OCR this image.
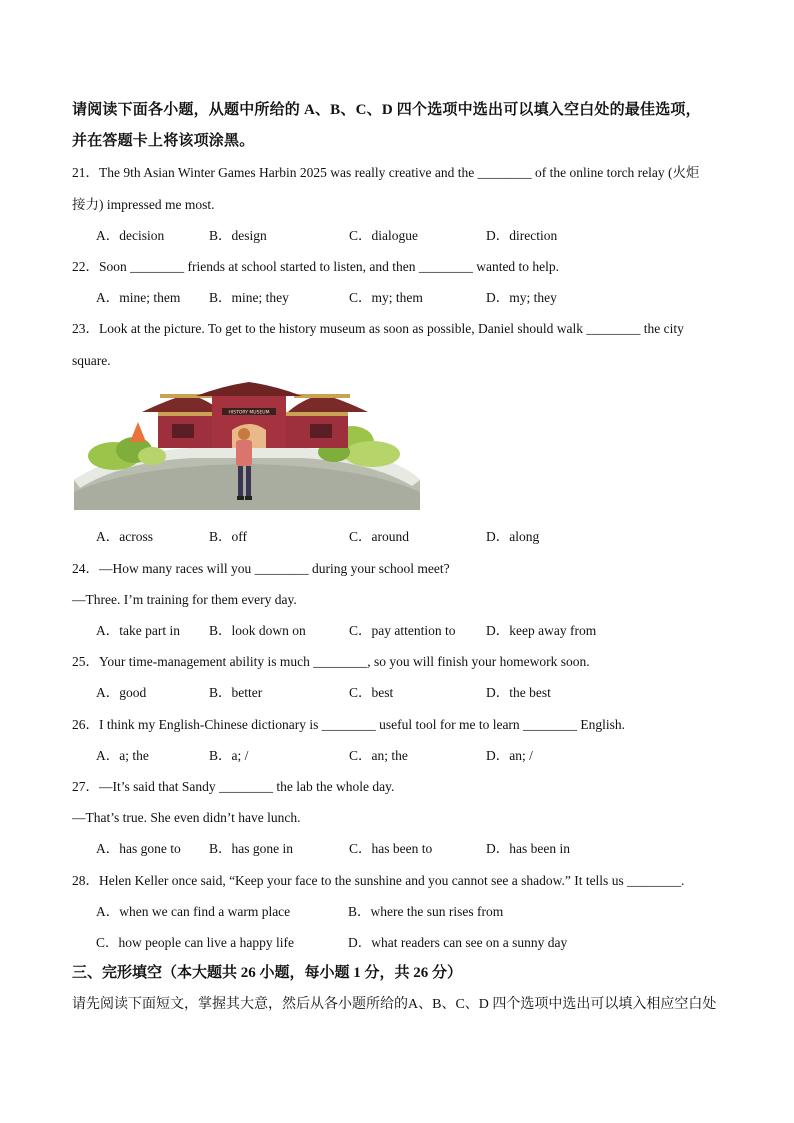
请阅读下面各小题，从题中所给的 A、B、C、D 四个选项中选出可以填入空白处的最佳选项，
并在答题卡上将该项涂黑。
21．The 9th Asian Winter Games Harbin 2025 was really creative and the ________ of the online torch relay (火炬
接力) impressed me most.
A．decision	B．design	C．dialogue	D．direction
22．Soon ________ friends at school started to listen, and then ________ wanted to help.
A．mine; them B．mine; they	C．my; them	D．my; they
23．Look at the picture. To get to the history museum as soon as possible, Daniel should walk ________ the city
square.
HISTORY MUSEUM
A．across	B．off	C．around	D．along
24．—How many races will you ________ during your school meet?
—Three. I’m training for them every day.
A．take part in B．look down on	C．pay attention to D．keep away from
25．Your time-management ability is much ________, so you will finish your homework soon.
A．good	B．better	C．best	D．the best
26．I think my English-Chinese dictionary is ________ useful tool for me to learn ________ English.
A．a; the	B．a; /	C．an; the	D．an; /
27．—It’s said that Sandy ________ the lab the whole day.
—That’s true. She even didn’t have lunch.
A．has gone to B．has gone in	C．has been to	D．has been in
28．Helen Keller once said, “Keep your face to the sunshine and you cannot see a shadow.” It tells us ________.
A．when we can find a warm place	B．where the sun rises from
C．how people can live a happy life	D．what readers can see on a sunny day
三、完形填空（本大题共 26 小题，每小题 1 分，共 26 分）
请先阅读下面短文，掌握其大意，然后从各小题所给的A、B、C、D 四个选项中选出可以填入相应空白处
